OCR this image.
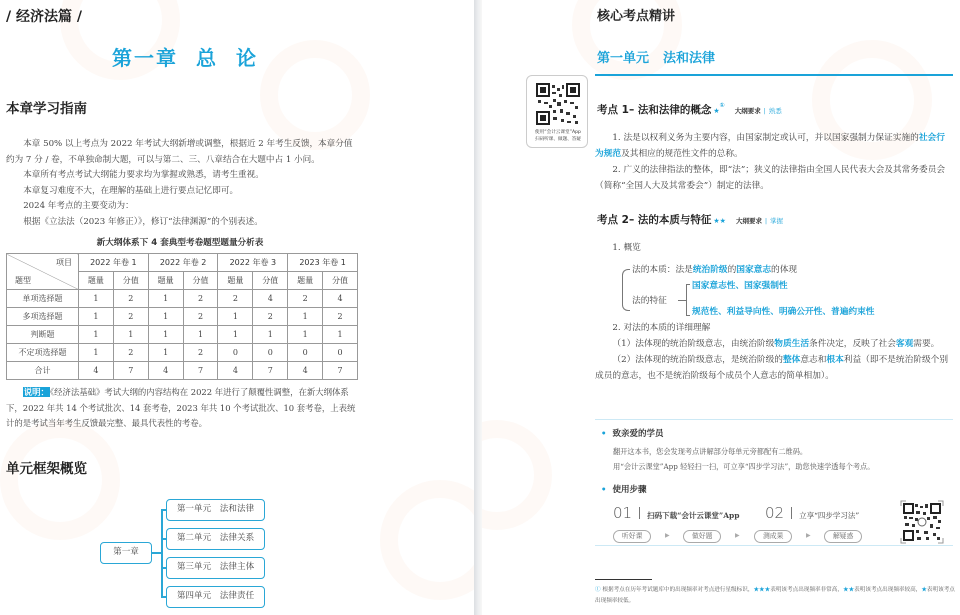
/ 经济法篇 /
第一章 总 论
本章学习指南

本章 50% 以上考点为 2022 年考试大纲新增或调整，根据近 2 年考生反馈，本章分值约为 7 分 / 卷，不单独命制大题，可以与第二、三、八章结合在大题中占 1 小问。

本章所有考点考试大纲能力要求均为掌握或熟悉，请考生重视。

本章复习难度不大，在理解的基础上进行要点记忆即可。

2024 年考点的主要变动为：

根据《立法法（2023 年修正）》，修订“法律渊源”的个别表述。

新大纲体系下 4 套典型考卷题型题量分析表
项目
题型	2022 年卷 1		2022 年卷 2		2022 年卷 3		2023 年卷 1	
	题量	分值	题量	分值	题量	分值	题量	分值
单项选择题	1	2	1	2	2	4	2	4
多项选择题	1	2	1	2	1	2	1	2
判断题	1	1	1	1	1	1	1	1
不定项选择题	1	2	1	2	0	0	0	0
合计	4	7	4	7	4	7	4	7
说明：《经济法基础》考试大纲的内容结构在 2022 年进行了颠覆性调整，在新大纲体系下，2022 年共 14 个考试批次、14 套考卷，2023 年共 10 个考试批次、10 套考卷，上表统计的是考试当年考生反馈最完整、最具代表性的考卷。
单元框架概览
第一章
第一单元　法和法律
第二单元　法律关系
第三单元　法律主体
第四单元　法律责任
核心考点精讲
第一单元 法和法律
使用“会计云课堂”App
扫码听课、做题、答疑
考点 1– 法和法律的概念 ★①大纲要求 | 熟悉

1. 法是以权利义务为主要内容，由国家制定或认可，并以国家强制力保证实施的社会行为规范及其相应的规范性文件的总称。

2. 广义的法律指法的整体，即“法”；狭义的法律指由全国人民代表大会及其常务委员会（简称“全国人大及其常委会”）制定的法律。

考点 2– 法的本质与特征 ★★ 大纲要求 | 掌握

1. 概览

法的本质：法是统治阶级的国家意志的体现
法的特征
国家意志性、国家强制性
规范性、利益导向性、明确公开性、普遍约束性

2. 对法的本质的详细理解

（1）法体现的统治阶级意志，由统治阶级物质生活条件决定，反映了社会客观需要。

（2）法体现的统治阶级意志，是统治阶级的整体意志和根本利益（即不是统治阶级个别成员的意志，也不是统治阶级每个成员个人意志的简单相加）。

• 致亲爱的学员
翻开这本书，您会发现考点讲解部分每单元旁都配有二维码。
用“会计云课堂”App 轻轻扫一扫，可立享“四步学习法”，助您快速学透每个考点。
• 使用步骤
01 扫码下载“会计云课堂”App 02 立享“四步学习法”
听好课	▶	做好题	▶	测成果	▶	解疑惑
① 根据考点在历年考试题库中的出现频率对考点进行星级标识，★★★表明该考点出现频率非常高，★★表明该考点出现频率较高，★表明该考点出现频率较低。
